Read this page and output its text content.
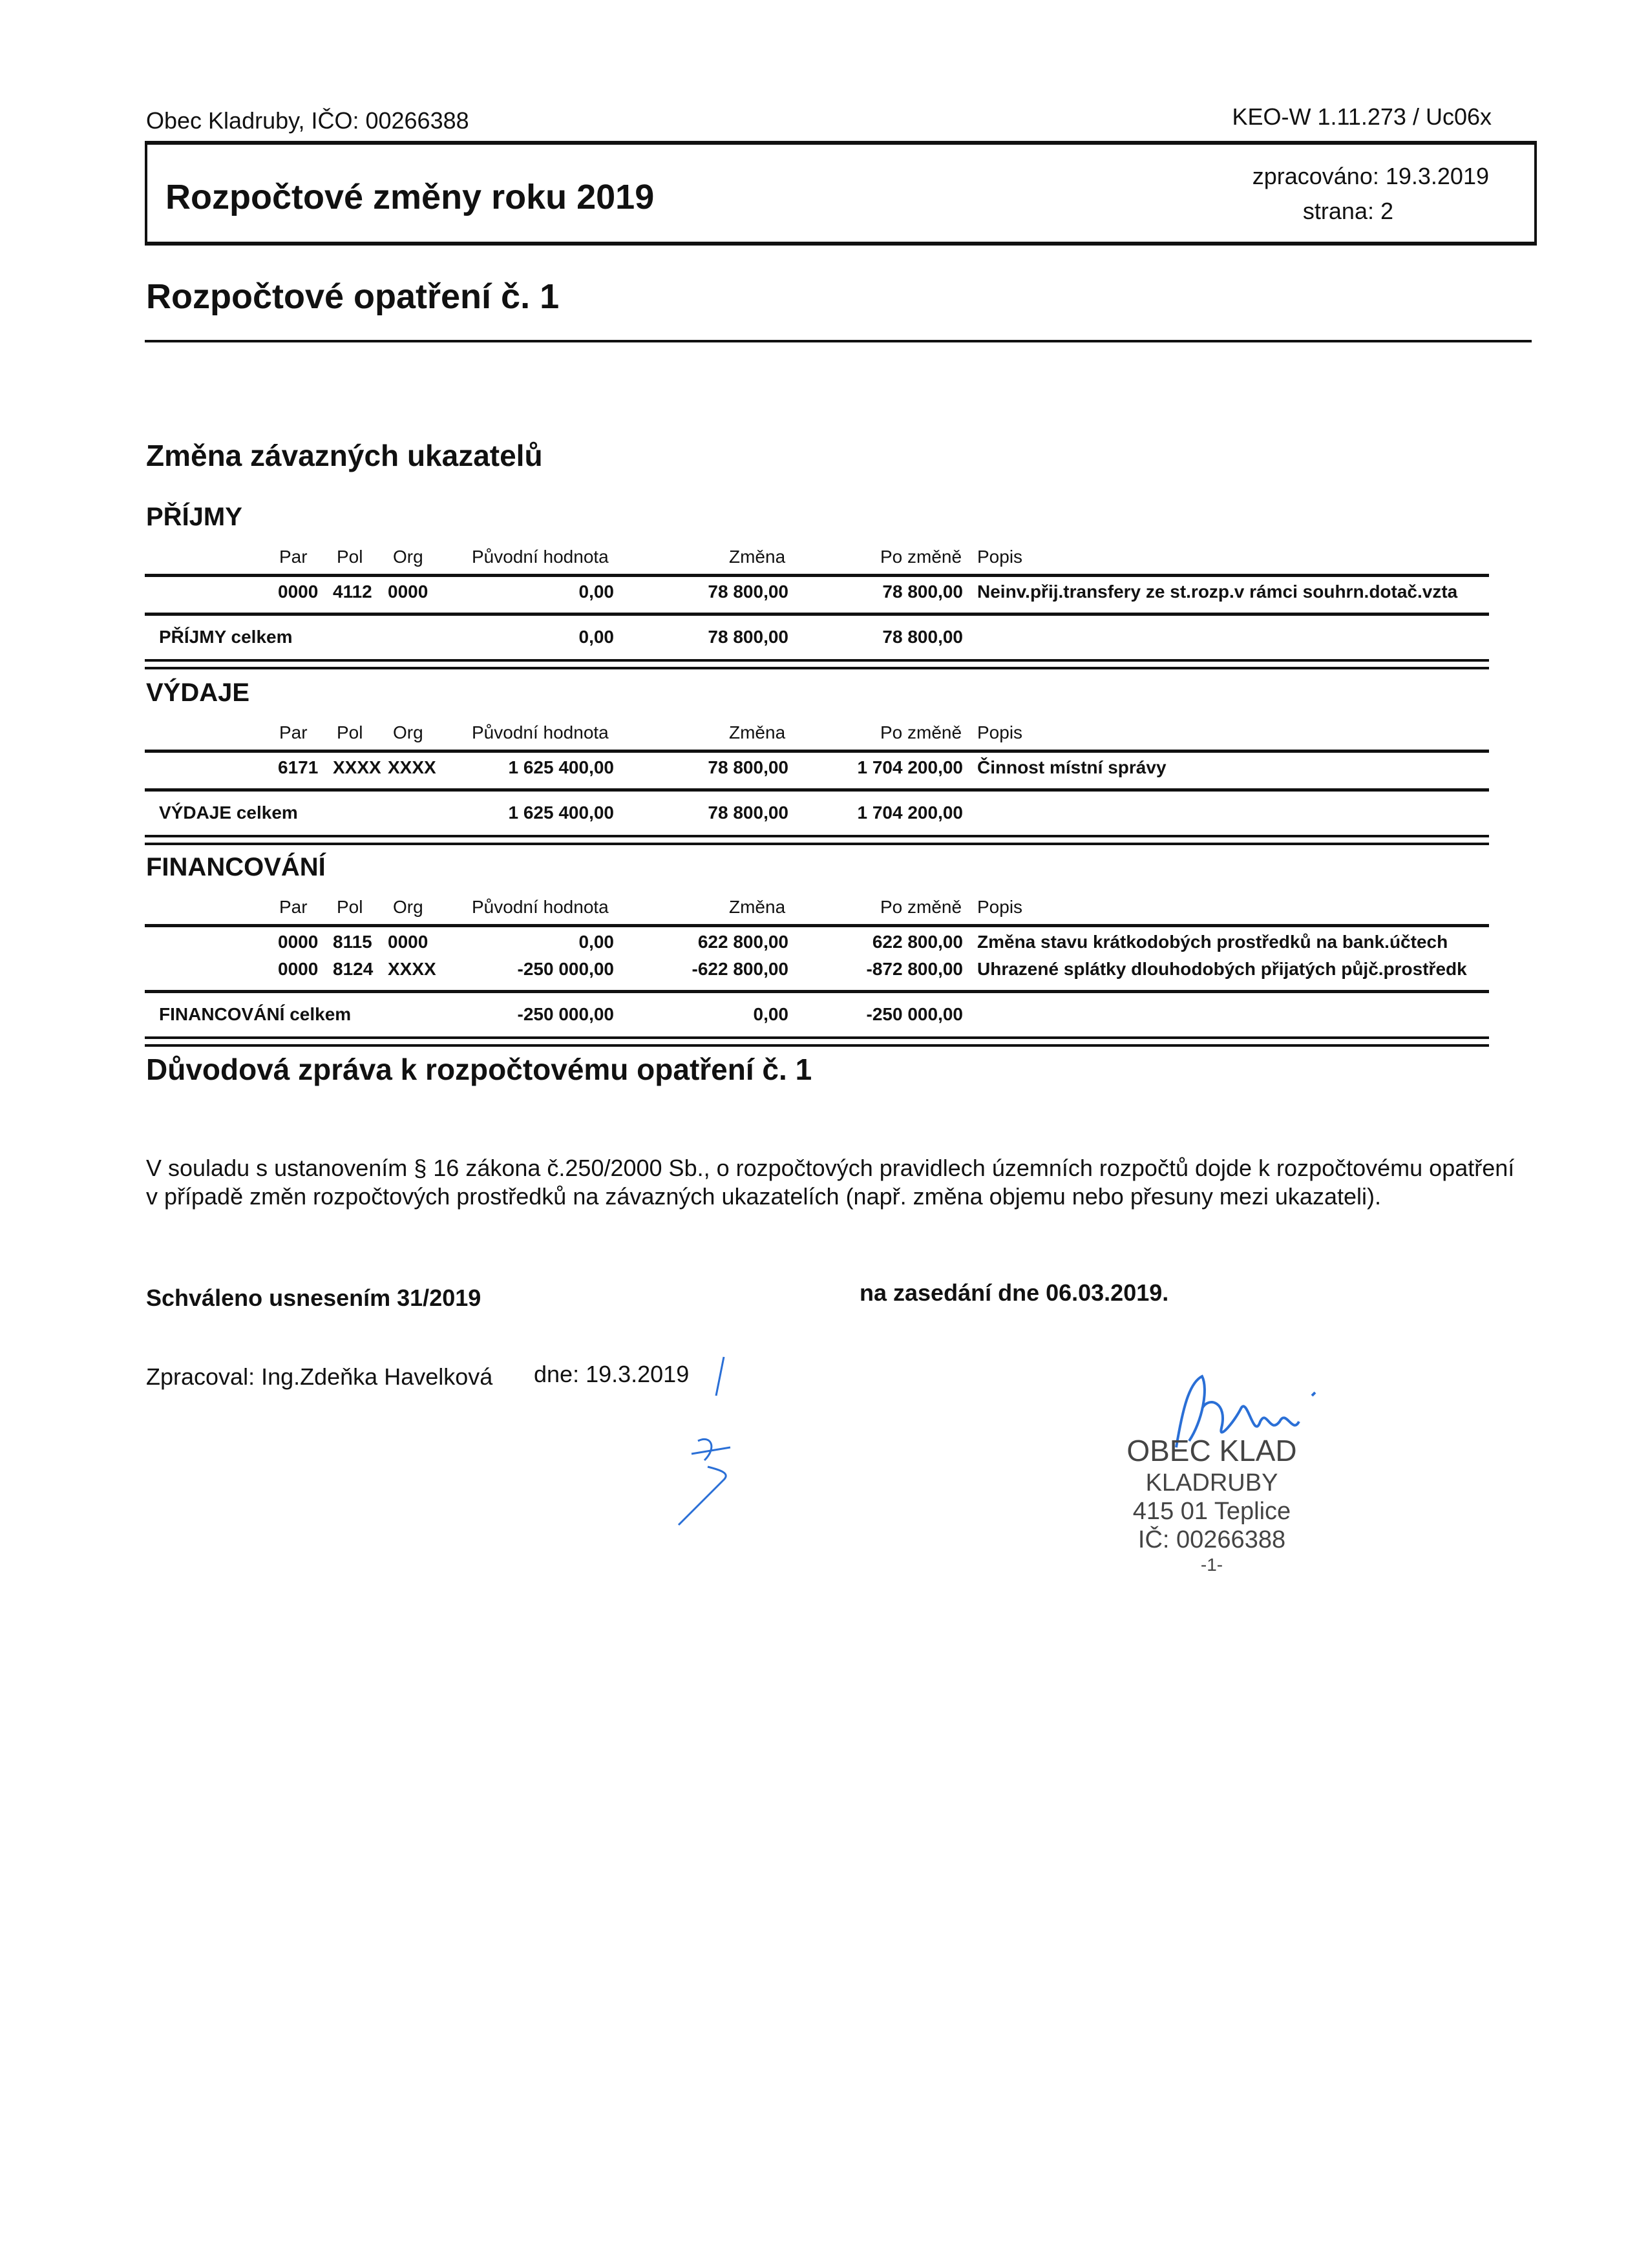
Obec Kladruby, IČO: 00266388	KEO-W 1.11.273 / Uc06x
Rozpočtové změny roku 2019
zpracováno: 19.3.2019
strana: 2
Rozpočtové opatření č. 1
Změna závazných ukazatelů
PŘÍJMY
Par Pol Org	Původní hodnota	Změna	Po změně Popis
0000 4112 0000	0,00	78 800,00	78 800,00 Neinv.přij.transfery ze st.rozp.v rámci souhrn.dotač.vzta
PŘÍJMY celkem	0,00	78 800,00	78 800,00
VÝDAJE
Par Pol Org	Původní hodnota	Změna	Po změně Popis
6171 XXXX XXXX	1 625 400,00	78 800,00	1 704 200,00 Činnost místní správy
VÝDAJE celkem	1 625 400,00	78 800,00	1 704 200,00
FINANCOVÁNÍ
Par Pol Org	Původní hodnota	Změna	Po změně Popis
0000 8115 0000	0,00	622 800,00	622 800,00 Změna stavu krátkodobých prostředků na bank.účtech
0000 8124 XXXX	-250 000,00	-622 800,00	-872 800,00 Uhrazené splátky dlouhodobých přijatých půjč.prostředk
FINANCOVÁNÍ celkem	-250 000,00	0,00	-250 000,00
Důvodová zpráva k rozpočtovému opatření č. 1
V souladu s ustanovením § 16 zákona č.250/2000 Sb., o rozpočtových pravidlech územních rozpočtů dojde k rozpočtovému opatření v případě změn rozpočtových prostředků na závazných ukazatelích (např. změna objemu nebo přesuny mezi ukazateli).
Schváleno usnesením 31/2019	na zasedání dne 06.03.2019.
Zpracoval: Ing.Zdeňka Havelková dne: 19.3.2019
OBEC KLAD
KLADRUBY
415 01 Teplice
IČ: 00266388
-1-
